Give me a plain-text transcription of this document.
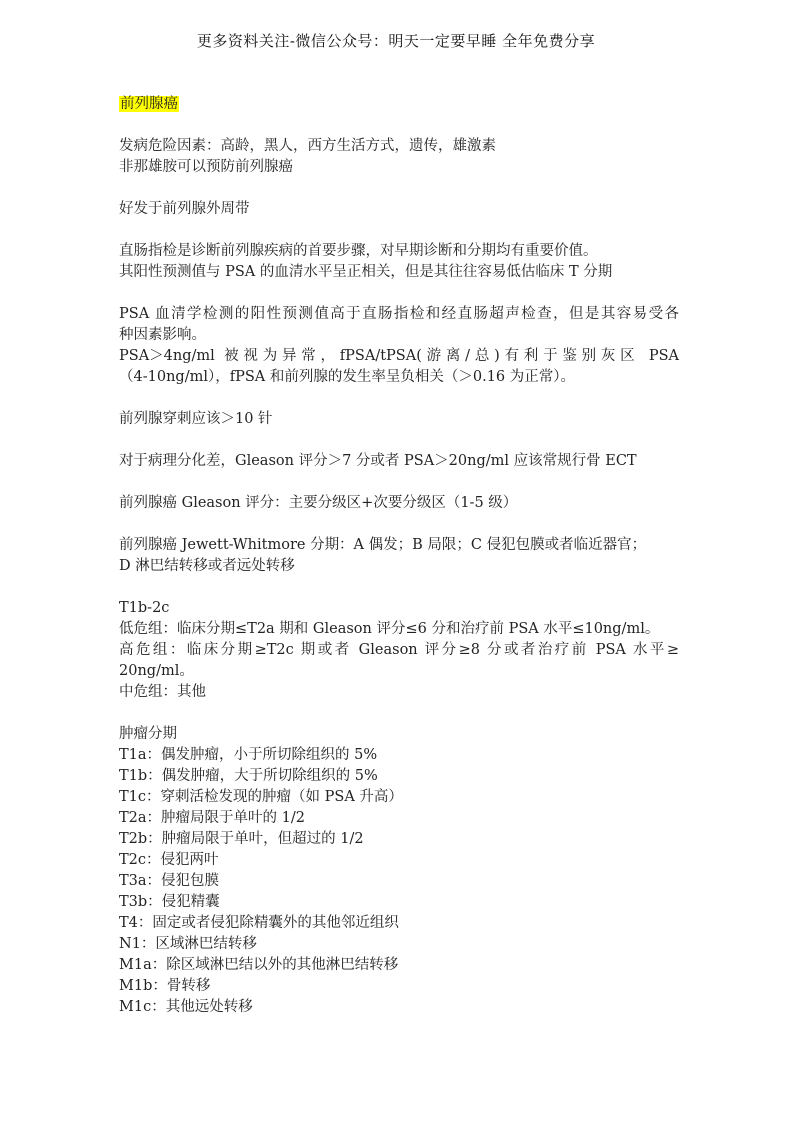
更多资料关注-微信公众号：明天一定要早睡 全年免费分享
前列腺癌
发病危险因素：高龄，黑人，西方生活方式，遗传，雄激素
非那雄胺可以预防前列腺癌
好发于前列腺外周带
直肠指检是诊断前列腺疾病的首要步骤，对早期诊断和分期均有重要价值。
其阳性预测值与 PSA 的血清水平呈正相关，但是其往往容易低估临床 T 分期
PSA 血清学检测的阳性预测值高于直肠指检和经直肠超声检查，但是其容易受各
种因素影响。
PSA＞4ng/ml 被视为异常，fPSA/tPSA(游离/总)有利于鉴别灰区 PSA
（4-10ng/ml），fPSA 和前列腺的发生率呈负相关（＞0.16 为正常）。
前列腺穿刺应该＞10 针
对于病理分化差，Gleason 评分＞7 分或者 PSA＞20ng/ml 应该常规行骨 ECT
前列腺癌 Gleason 评分：主要分级区+次要分级区（1-5 级）
前列腺癌 Jewett-Whitmore 分期：A 偶发；B 局限；C 侵犯包膜或者临近器官；
D 淋巴结转移或者远处转移
T1b-2c
低危组：临床分期≤T2a 期和 Gleason 评分≤6 分和治疗前 PSA 水平≤10ng/ml。
高危组：临床分期≥T2c 期或者 Gleason 评分≥8 分或者治疗前 PSA 水平≥
20ng/ml。
中危组：其他
肿瘤分期
T1a：偶发肿瘤，小于所切除组织的 5%
T1b：偶发肿瘤，大于所切除组织的 5%
T1c：穿刺活检发现的肿瘤（如 PSA 升高）
T2a：肿瘤局限于单叶的 1/2
T2b：肿瘤局限于单叶，但超过的 1/2
T2c：侵犯两叶
T3a：侵犯包膜
T3b：侵犯精囊
T4：固定或者侵犯除精囊外的其他邻近组织
N1：区域淋巴结转移
M1a：除区域淋巴结以外的其他淋巴结转移
M1b：骨转移
M1c：其他远处转移
